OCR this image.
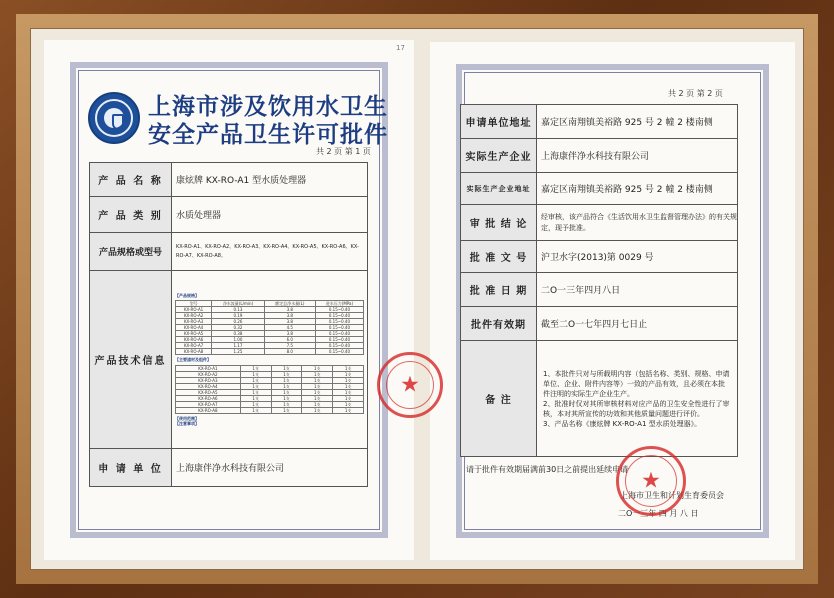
上海市涉及饮用水卫生
安全产品卫生许可批件
共 2 页 第 1 页
产 品 名 称	康炫牌 KX-RO-A1 型水质处理器
产 品 类 别	水质处理器
产品规格或型号	KX-RO-A1、KX-RO-A2、KX-RO-A3、KX-RO-A4、KX-RO-A5、KX-RO-A6、KX-RO-A7、KX-RO-A8。
产品技术信息	
【产品规格】
型号	净水流量(L/min)	额定总净水量(L)	进水压力(MPa)
KX-RO-A1	0.13	3.8	0.15~0.40
KX-RO-A2	0.19	3.8	0.15~0.40
KX-RO-A3	0.26	3.8	0.15~0.40
KX-RO-A4	0.32	4.5	0.15~0.40
KX-RO-A5	0.38	3.8	0.15~0.40
KX-RO-A6	1.00	6.0	0.15~0.40
KX-RO-A7	1.17	7.5	0.15~0.40
KX-RO-A8	1.25	8.0	0.15~0.40
【主要滤材及组件】
KX-RO-A1	1支	1支	1支	1支
KX-RO-A2	1支	1支	1支	1支
KX-RO-A3	1支	1支	1支	1支
KX-RO-A4	1支	1支	1支	1支
KX-RO-A5	1支	1支	1支	1支
KX-RO-A6	1支	1支	1支	1支
KX-RO-A7	1支	1支	1支	1支
KX-RO-A8	1支	1支	1支	1支
【使用范围】
【注意事项】

申 请 单 位	上海康伴净水科技有限公司
共 2 页 第 2 页
申请单位地址	嘉定区南翔镇美裕路 925 号 2 幢 2 楼南侧
实际生产企业	上海康伴净水科技有限公司
实际生产企业地址	嘉定区南翔镇美裕路 925 号 2 幢 2 楼南侧
审 批 结 论	经审核，该产品符合《生活饮用水卫生监督管理办法》的有关规定，现予批准。
批 准 文 号	沪卫水字(2013)第 0029 号
批 准 日 期	二O一三年四月八日
批件有效期	截至二O一七年四月七日止
备 注	1、本批件只对与所载明内容（包括名称、类别、规格、申请单位、企业、附件内容等）一致的产品有效，且必须在本批件注明的实际生产企业生产。
2、批准时仅对其所审核材料对应产品的卫生安全性进行了审核，本对其所宣传的功效和其他质量问题进行评价。
3、产品名称《康炫牌 KX-RO-A1 型水质处理器》。
请于批件有效期届满前30日之前提出延续申请
上海市卫生和计划生育委员会
二O一三年 四 月 八 日
★
★
17
